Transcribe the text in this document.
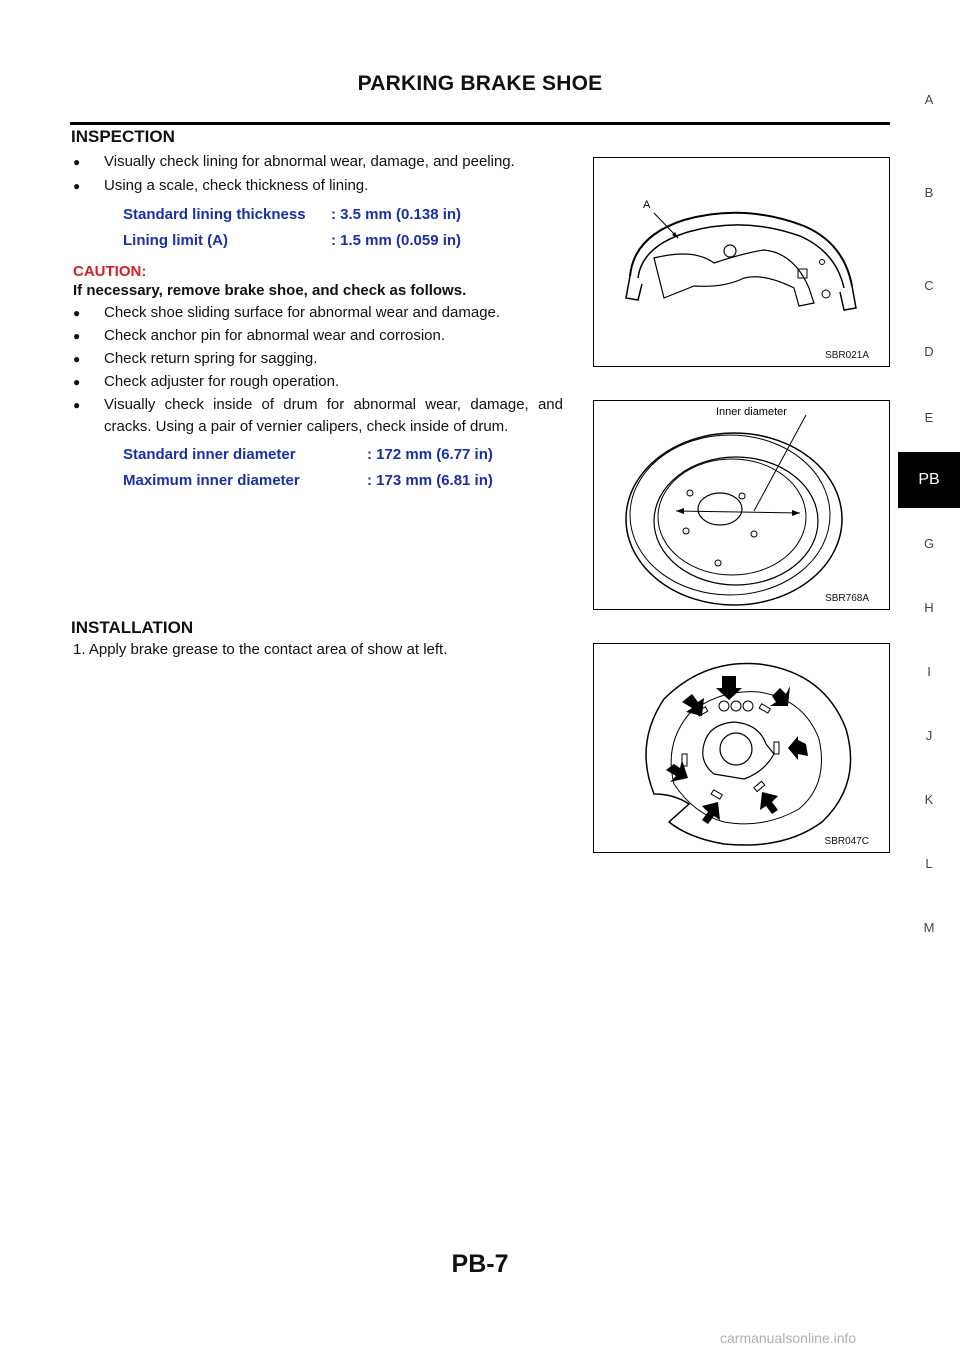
PARKING BRAKE SHOE
INSPECTION
● Visually check lining for abnormal wear, damage, and peeling.
● Using a scale, check thickness of lining.
Standard lining thickness : 3.5 mm (0.138 in)
Lining limit (A)	: 1.5 mm (0.059 in)
CAUTION:
If necessary, remove brake shoe, and check as follows.
● Check shoe sliding surface for abnormal wear and damage.
● Check anchor pin for abnormal wear and corrosion.
● Check return spring for sagging.
● Check adjuster for rough operation.
● Visually check inside of drum for abnormal wear, damage, and cracks. Using a pair of vernier calipers, check inside of drum.
Standard inner diameter	: 172 mm (6.77 in)
Maximum inner diameter	: 173 mm (6.81 in)
INSTALLATION
1. Apply brake grease to the contact area of show at left.
A
SBR021A
Inner diameter
SBR768A
SBR047C
A
B
C
D
E
PB
G
H
I
J
K
L
M
PB-7
carmanualsonline.info
